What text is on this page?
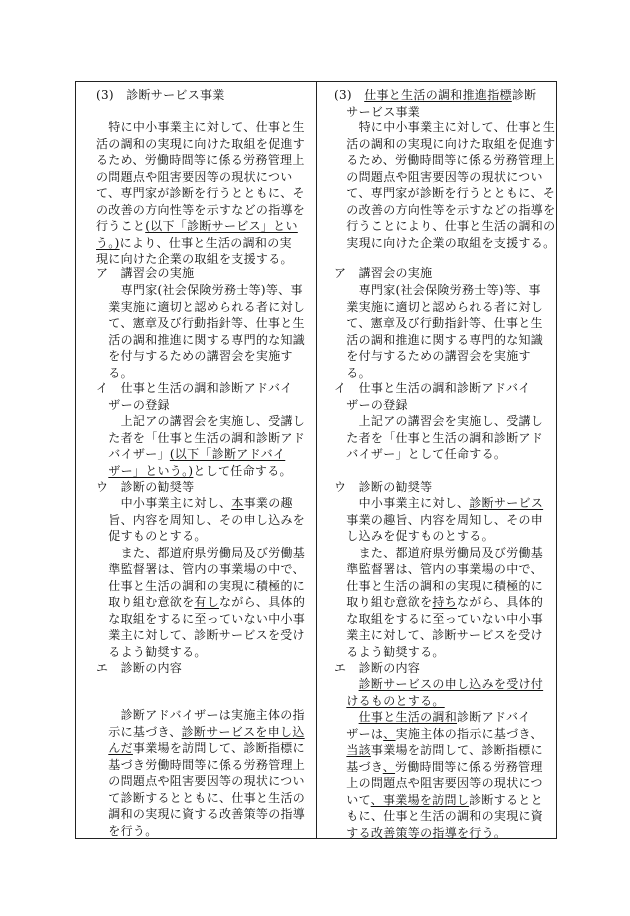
(3)　診断サービス事業
　特に中小事業主に対して、仕事と生
活の調和の実現に向けた取組を促進す
るため、労働時間等に係る労務管理上
の問題点や阻害要因等の現状につい
て、専門家が診断を行うとともに、そ
の改善の方向性等を示すなどの指導を
行うこと(以下「診断サービス」とい
う。)により、仕事と生活の調和の実
現に向けた企業の取組を支援する。
ア　講習会の実施
　　専門家(社会保険労務士等)等、事
　業実施に適切と認められる者に対し
　て、憲章及び行動指針等、仕事と生
　活の調和推進に関する専門的な知識
　を付与するための講習会を実施す
　る。
イ　仕事と生活の調和診断アドバイ
　ザーの登録
　　上記アの講習会を実施し、受講し
　た者を「仕事と生活の調和診断アド
　バイザー」(以下「診断アドバイ
　ザー」という。)として任命する。
ウ　診断の勧奨等
　　中小事業主に対し、本事業の趣
　旨、内容を周知し、その申し込みを
　促すものとする。
　　また、都道府県労働局及び労働基
　準監督署は、管内の事業場の中で、
　仕事と生活の調和の実現に積極的に
　取り組む意欲を有しながら、具体的
　な取組をするに至っていない中小事
　業主に対して、診断サービスを受け
　るよう勧奨する。
エ　診断の内容
　　診断アドバイザーは実施主体の指
　示に基づき、診断サービスを申し込
　んだ事業場を訪問して、診断指標に
　基づき労働時間等に係る労務管理上
　の問題点や阻害要因等の現状につい
　て診断するとともに、仕事と生活の
　調和の実現に資する改善策等の指導
　を行う。
(3)　仕事と生活の調和推進指標診断
　サービス事業
　　特に中小事業主に対して、仕事と生
　活の調和の実現に向けた取組を促進す
　るため、労働時間等に係る労務管理上
　の問題点や阻害要因等の現状につい
　て、専門家が診断を行うとともに、そ
　の改善の方向性等を示すなどの指導を
　行うことにより、仕事と生活の調和の
　実現に向けた企業の取組を支援する。
ア　講習会の実施
　　専門家(社会保険労務士等)等、事
　業実施に適切と認められる者に対し
　て、憲章及び行動指針等、仕事と生
　活の調和推進に関する専門的な知識
　を付与するための講習会を実施す
　る。
イ　仕事と生活の調和診断アドバイ
　ザーの登録
　　上記アの講習会を実施し、受講し
　た者を「仕事と生活の調和診断アド
　バイザー」として任命する。
ウ　診断の勧奨等
　　中小事業主に対し、診断サービス
　事業の趣旨、内容を周知し、その申
　し込みを促すものとする。
　　また、都道府県労働局及び労働基
　準監督署は、管内の事業場の中で、
　仕事と生活の調和の実現に積極的に
　取り組む意欲を持ちながら、具体的
　な取組をするに至っていない中小事
　業主に対して、診断サービスを受け
　るよう勧奨する。
エ　診断の内容
　　診断サービスの申し込みを受け付
　けるものとする。
　　仕事と生活の調和診断アドバイ
　ザーは、実施主体の指示に基づき、
　当該事業場を訪問して、診断指標に
　基づき、労働時間等に係る労務管理
　上の問題点や阻害要因等の現状につ
　いて、事業場を訪問し診断するとと
　もに、仕事と生活の調和の実現に資
　する改善策等の指導を行う。
